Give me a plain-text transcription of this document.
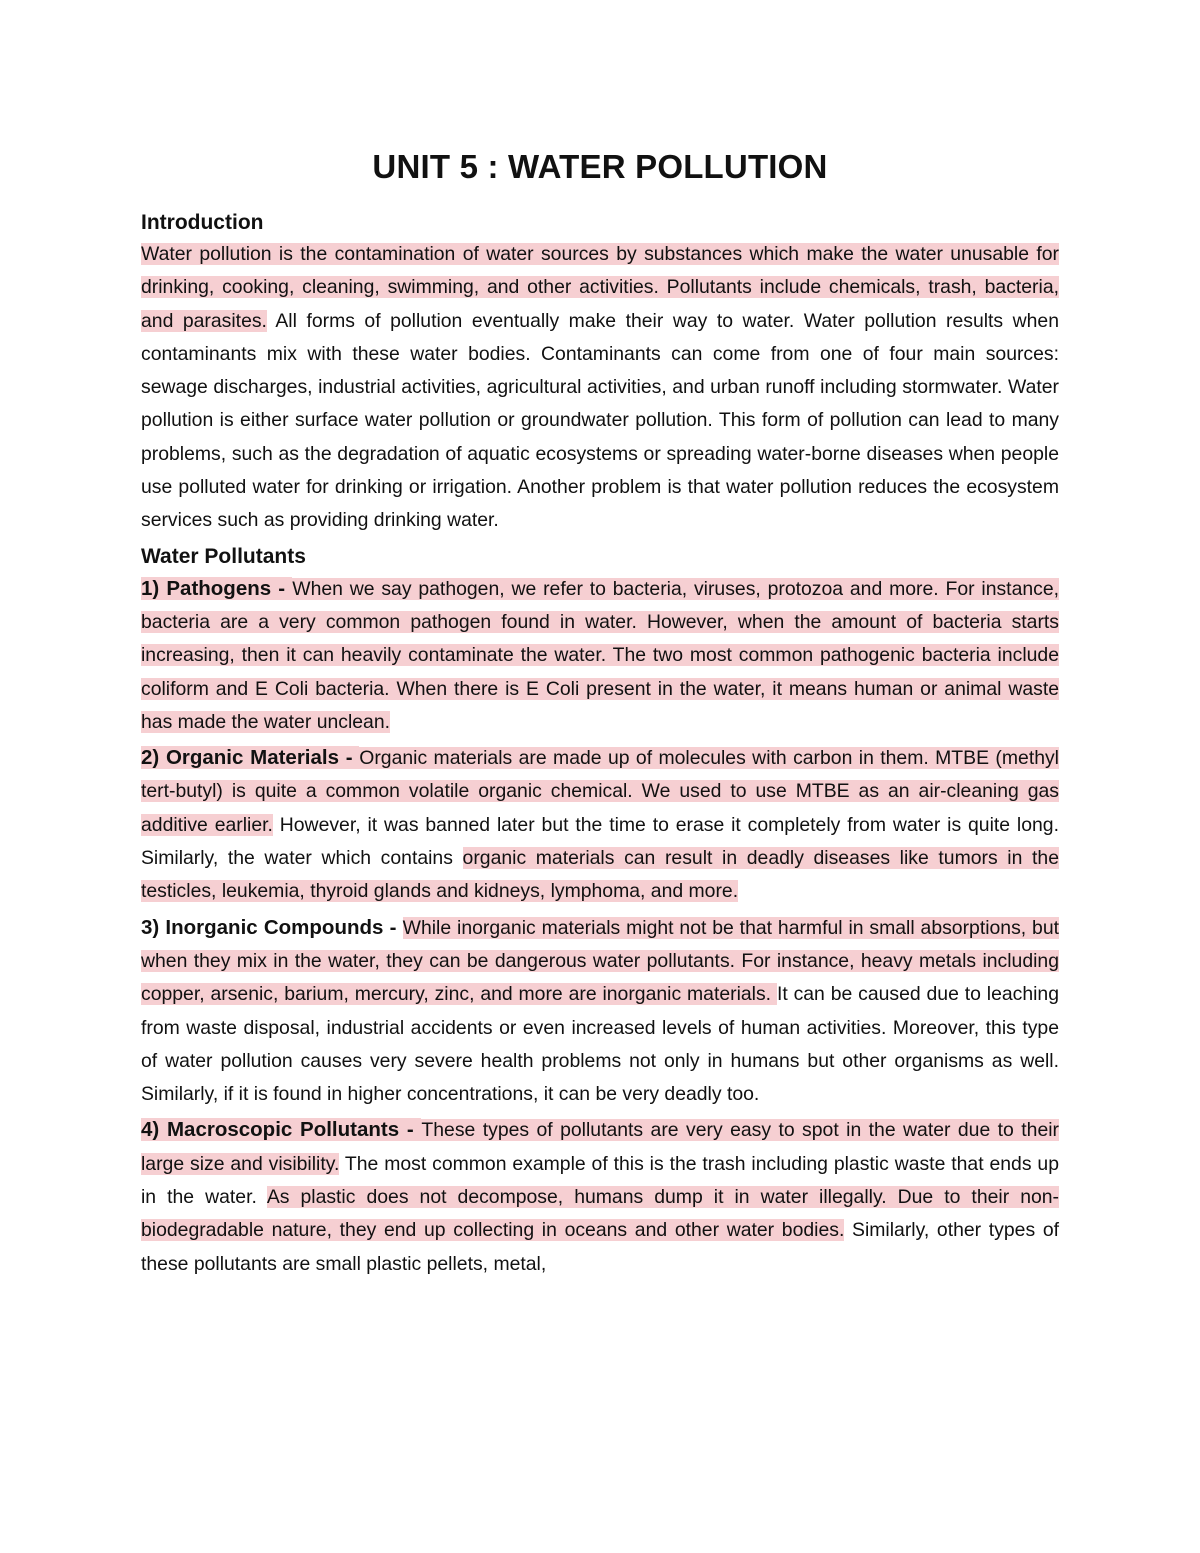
UNIT 5 : WATER POLLUTION
Introduction

Water pollution is the contamination of water sources by substances which make the water unusable for drinking, cooking, cleaning, swimming, and other activities. Pollutants include chemicals, trash, bacteria, and parasites. All forms of pollution eventually make their way to water. Water pollution results when contaminants mix with these water bodies. Contaminants can come from one of four main sources: sewage discharges, industrial activities, agricultural activities, and urban runoff including stormwater. Water pollution is either surface water pollution or groundwater pollution. This form of pollution can lead to many problems, such as the degradation of aquatic ecosystems or spreading water-borne diseases when people use polluted water for drinking or irrigation. Another problem is that water pollution reduces the ecosystem services such as providing drinking water.

Water Pollutants

1) Pathogens - When we say pathogen, we refer to bacteria, viruses, protozoa and more. For instance, bacteria are a very common pathogen found in water. However, when the amount of bacteria starts increasing, then it can heavily contaminate the water. The two most common pathogenic bacteria include coliform and E Coli bacteria. When there is E Coli present in the water, it means human or animal waste has made the water unclean.

2) Organic Materials - Organic materials are made up of molecules with carbon in them. MTBE (methyl tert-butyl) is quite a common volatile organic chemical. We used to use MTBE as an air-cleaning gas additive earlier. However, it was banned later but the time to erase it completely from water is quite long. Similarly, the water which contains organic materials can result in deadly diseases like tumors in the testicles, leukemia, thyroid glands and kidneys, lymphoma, and more.

3) Inorganic Compounds - While inorganic materials might not be that harmful in small absorptions, but when they mix in the water, they can be dangerous water pollutants. For instance, heavy metals including copper, arsenic, barium, mercury, zinc, and more are inorganic materials. It can be caused due to leaching from waste disposal, industrial accidents or even increased levels of human activities. Moreover, this type of water pollution causes very severe health problems not only in humans but other organisms as well. Similarly, if it is found in higher concentrations, it can be very deadly too.

4) Macroscopic Pollutants - These types of pollutants are very easy to spot in the water due to their large size and visibility. The most common example of this is the trash including plastic waste that ends up in the water. As plastic does not decompose, humans dump it in water illegally. Due to their non-biodegradable nature, they end up collecting in oceans and other water bodies. Similarly, other types of these pollutants are small plastic pellets, metal,
